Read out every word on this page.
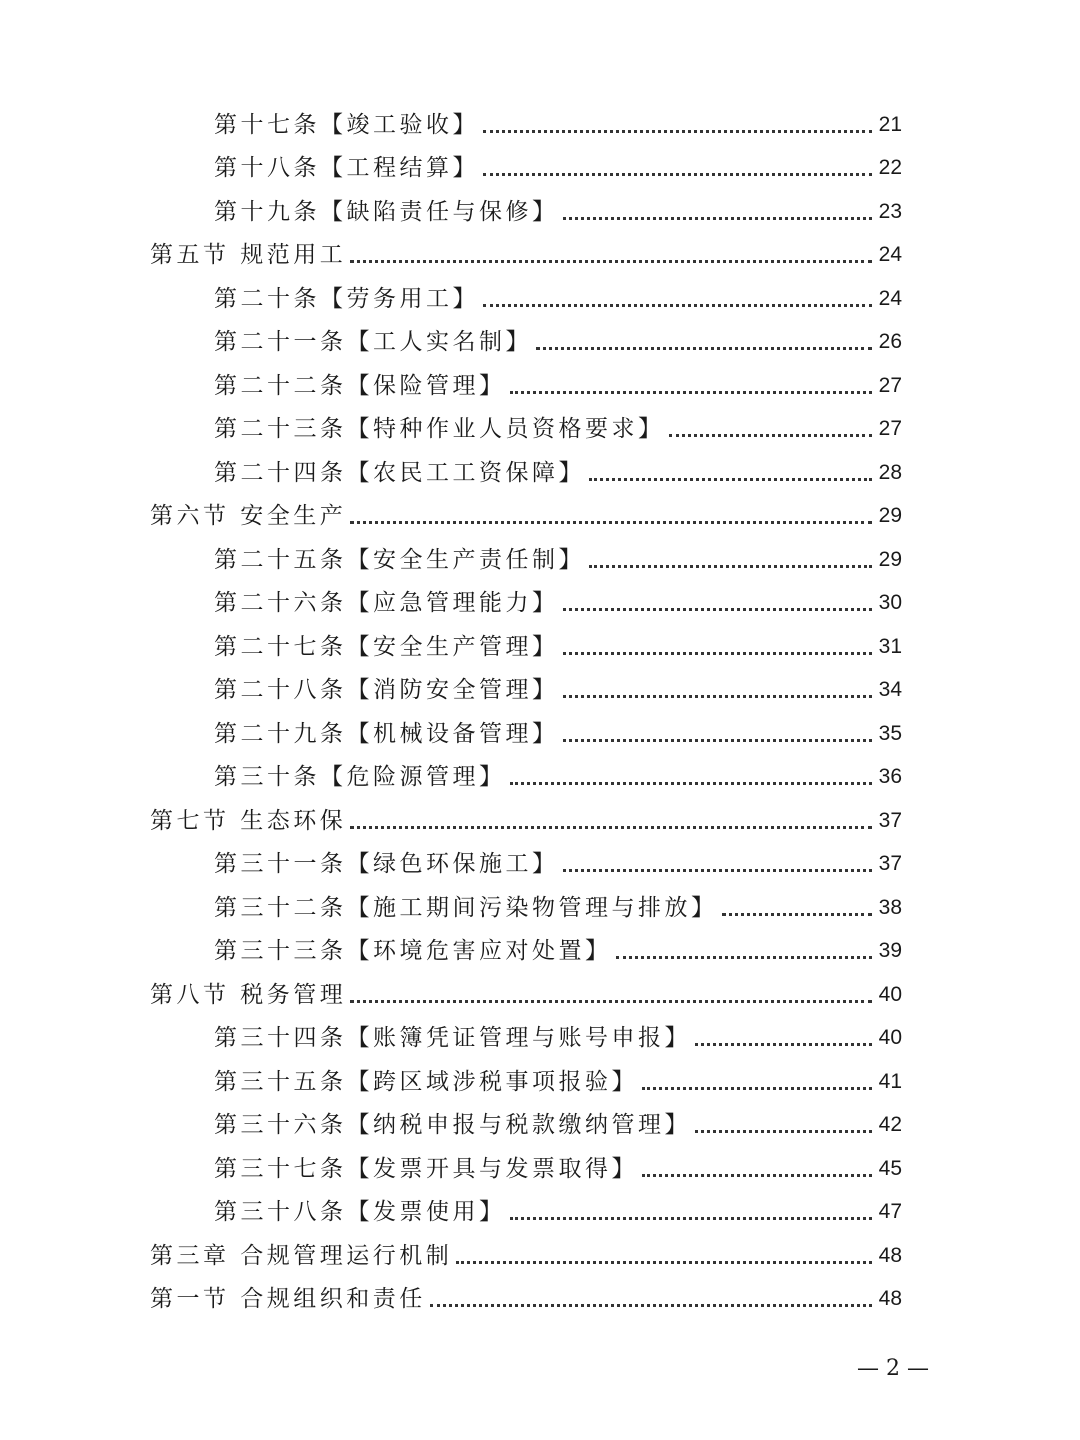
第十七条【竣工验收】	21
第十八条【工程结算】	22
第十九条【缺陷责任与保修】	23
第五节 规范用工	24
第二十条【劳务用工】	24
第二十一条【工人实名制】	26
第二十二条【保险管理】	27
第二十三条【特种作业人员资格要求】	27
第二十四条【农民工工资保障】	28
第六节 安全生产	29
第二十五条【安全生产责任制】	29
第二十六条【应急管理能力】	30
第二十七条【安全生产管理】	31
第二十八条【消防安全管理】	34
第二十九条【机械设备管理】	35
第三十条【危险源管理】	36
第七节 生态环保	37
第三十一条【绿色环保施工】	37
第三十二条【施工期间污染物管理与排放】	38
第三十三条【环境危害应对处置】	39
第八节 税务管理	40
第三十四条【账簿凭证管理与账号申报】	40
第三十五条【跨区域涉税事项报验】	41
第三十六条【纳税申报与税款缴纳管理】	42
第三十七条【发票开具与发票取得】	45
第三十八条【发票使用】	47
第三章 合规管理运行机制	48
第一节 合规组织和责任	48
— 2 —
